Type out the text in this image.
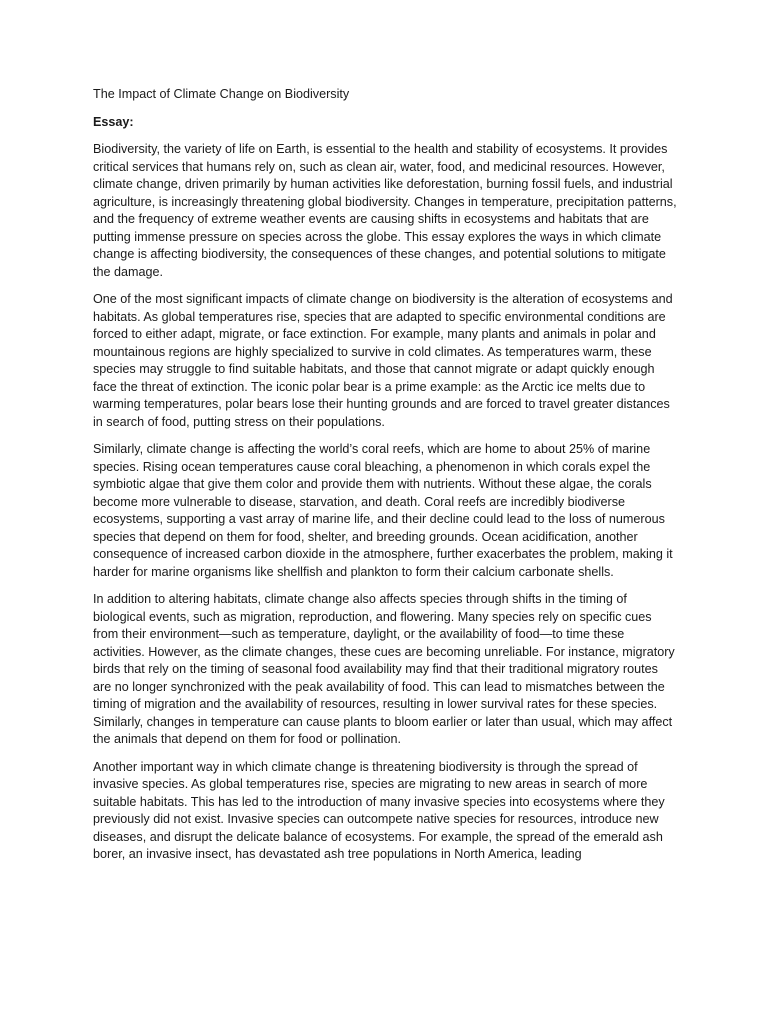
The Impact of Climate Change on Biodiversity
Essay:

Biodiversity, the variety of life on Earth, is essential to the health and stability of ecosystems. It provides critical services that humans rely on, such as clean air, water, food, and medicinal resources. However, climate change, driven primarily by human activities like deforestation, burning fossil fuels, and industrial agriculture, is increasingly threatening global biodiversity. Changes in temperature, precipitation patterns, and the frequency of extreme weather events are causing shifts in ecosystems and habitats that are putting immense pressure on species across the globe. This essay explores the ways in which climate change is affecting biodiversity, the consequences of these changes, and potential solutions to mitigate the damage.

One of the most significant impacts of climate change on biodiversity is the alteration of ecosystems and habitats. As global temperatures rise, species that are adapted to specific environmental conditions are forced to either adapt, migrate, or face extinction. For example, many plants and animals in polar and mountainous regions are highly specialized to survive in cold climates. As temperatures warm, these species may struggle to find suitable habitats, and those that cannot migrate or adapt quickly enough face the threat of extinction. The iconic polar bear is a prime example: as the Arctic ice melts due to warming temperatures, polar bears lose their hunting grounds and are forced to travel greater distances in search of food, putting stress on their populations.

Similarly, climate change is affecting the world’s coral reefs, which are home to about 25% of marine species. Rising ocean temperatures cause coral bleaching, a phenomenon in which corals expel the symbiotic algae that give them color and provide them with nutrients. Without these algae, the corals become more vulnerable to disease, starvation, and death. Coral reefs are incredibly biodiverse ecosystems, supporting a vast array of marine life, and their decline could lead to the loss of numerous species that depend on them for food, shelter, and breeding grounds. Ocean acidification, another consequence of increased carbon dioxide in the atmosphere, further exacerbates the problem, making it harder for marine organisms like shellfish and plankton to form their calcium carbonate shells.

In addition to altering habitats, climate change also affects species through shifts in the timing of biological events, such as migration, reproduction, and flowering. Many species rely on specific cues from their environment—such as temperature, daylight, or the availability of food—to time these activities. However, as the climate changes, these cues are becoming unreliable. For instance, migratory birds that rely on the timing of seasonal food availability may find that their traditional migratory routes are no longer synchronized with the peak availability of food. This can lead to mismatches between the timing of migration and the availability of resources, resulting in lower survival rates for these species. Similarly, changes in temperature can cause plants to bloom earlier or later than usual, which may affect the animals that depend on them for food or pollination.

Another important way in which climate change is threatening biodiversity is through the spread of invasive species. As global temperatures rise, species are migrating to new areas in search of more suitable habitats. This has led to the introduction of many invasive species into ecosystems where they previously did not exist. Invasive species can outcompete native species for resources, introduce new diseases, and disrupt the delicate balance of ecosystems. For example, the spread of the emerald ash borer, an invasive insect, has devastated ash tree populations in North America, leading
